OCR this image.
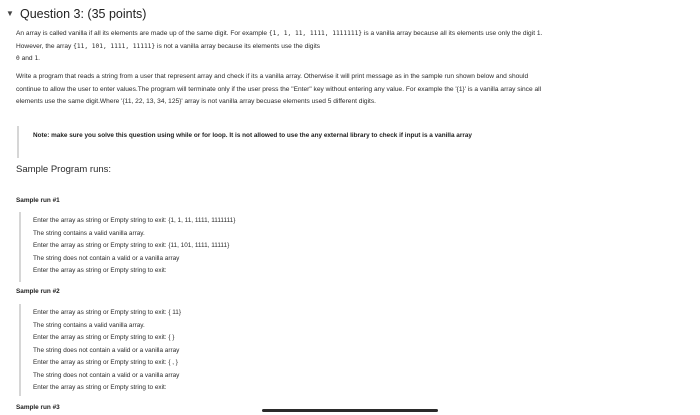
▼ Question 3: (35 points)
An array is called vanilla if all its elements are made up of the same digit. For example {1, 1, 11, 1111, 1111111} is a vanilla array because all its elements use only the digit 1. However, the array {11, 101, 1111, 11111} is not a vanilla array because its elements use the digits
0 and 1.
Write a program that reads a string from a user that represent array and check if its a vanilla array. Otherwise it will print message as in the sample run shown below and should continue to allow the user to enter values.The program will terminate only if the user press the "Enter" key without entering any value. For example the '{1}' is a vanilla array since all elements use the same digit.Where '{11, 22, 13, 34, 125}' array is not vanilla array becuase elements used 5 different digits.
Note: make sure you solve this question using while or for loop. It is not allowed to use the any external library to check if input is a vanilla array
Sample Program runs:
Sample run #1
Enter the array as string or Empty string to exit: {1, 1, 11, 1111, 1111111}
The string contains a valid vanilla array.
Enter the array as string or Empty string to exit: {11, 101, 1111, 11111}
The string does not contain a valid or a vanilla array
Enter the array as string or Empty string to exit:
Sample run #2
Enter the array as string or Empty string to exit: { 11}
The string contains a valid vanilla array.
Enter the array as string or Empty string to exit: { }
The string does not contain a valid or a vanilla array
Enter the array as string or Empty string to exit: { , }
The string does not contain a valid or a vanilla array
Enter the array as string or Empty string to exit:
Sample run #3
